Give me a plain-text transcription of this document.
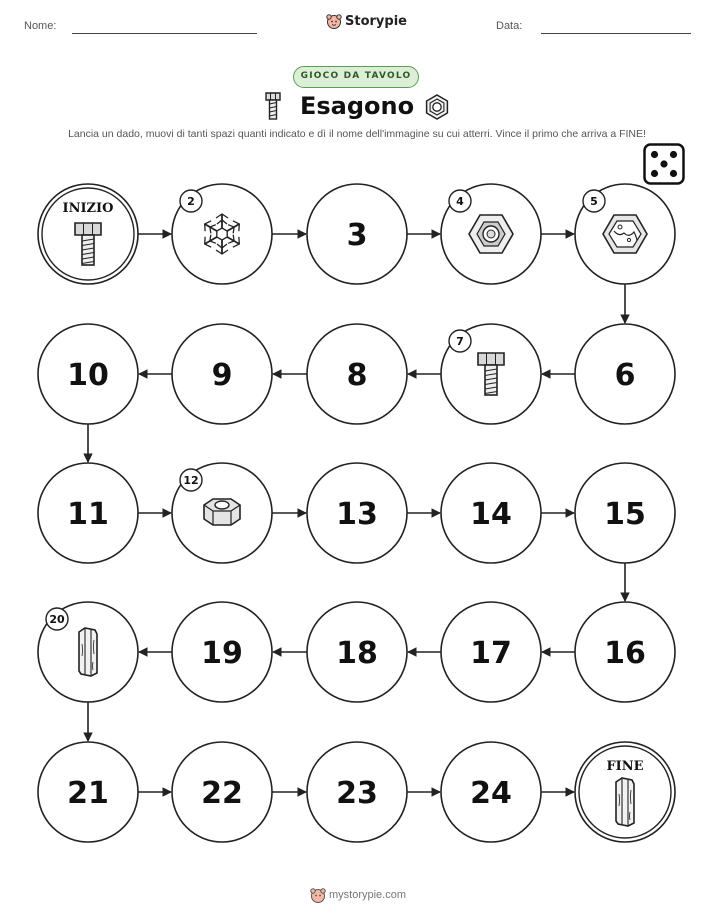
Nome:	Storypie	Data:
GIOCO DA TAVOLO
Esagono
Lancia un dado, muovi di tanti spazi quanti indicato e dì il nome dell'immagine su cui atterri. Vince il primo che arriva a FINE!
INIZIO	2
3
4	5
6
7
8
9
10
11
12
13	14	15
16
17
18
19
20
21	22	23	24
FINE
mystorypie.com
